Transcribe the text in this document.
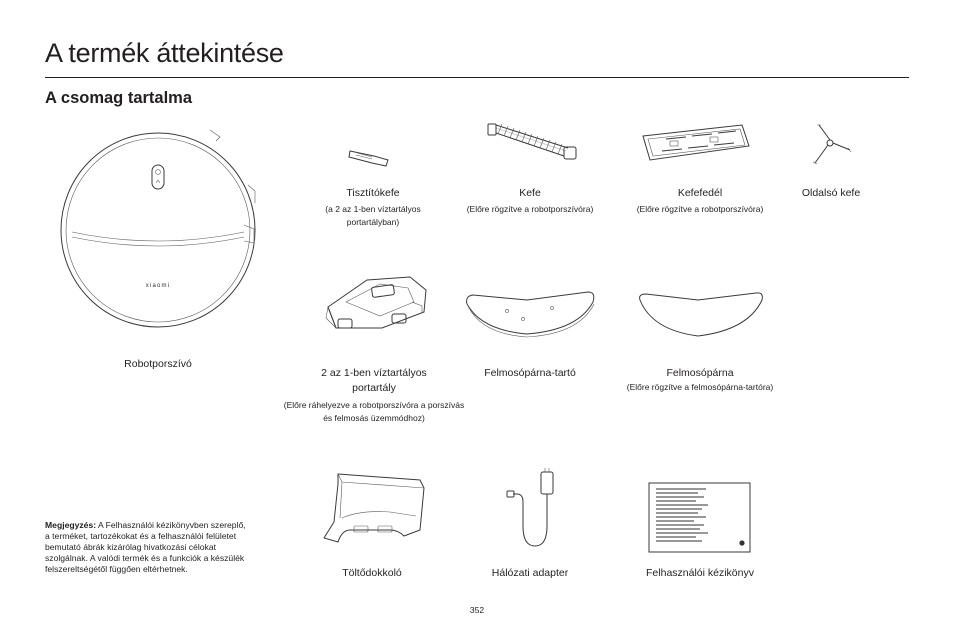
A termék áttekintése
A csomag tartalma
xiaomi
Robotporszívó
Tisztítókefe
(a 2 az 1-ben víztartályos portartályban)
Kefe
(Előre rögzítve a robotporszívóra)
Kefefedél
(Előre rögzítve a robotporszívóra)
Oldalsó kefe
2 az 1-ben víztartályos portartály
(Előre ráhelyezve a robotporszívóra a porszívás és felmosás üzemmódhoz)
Felmosópárna-tartó	Felmosópárna
(Előre rögzítve a felmosópárna-tartóra)
Töltődokkoló	Hálózati adapter	Felhasználói kézikönyv
Megjegyzés: A Felhasználói kézikönyvben szereplő, a terméket, tartozékokat és a felhasználói felületet bemutató ábrák kizárólag hivatkozási célokat szolgálnak. A valódi termék és a funkciók a készülék felszereltségétől függően eltérhetnek.
352
